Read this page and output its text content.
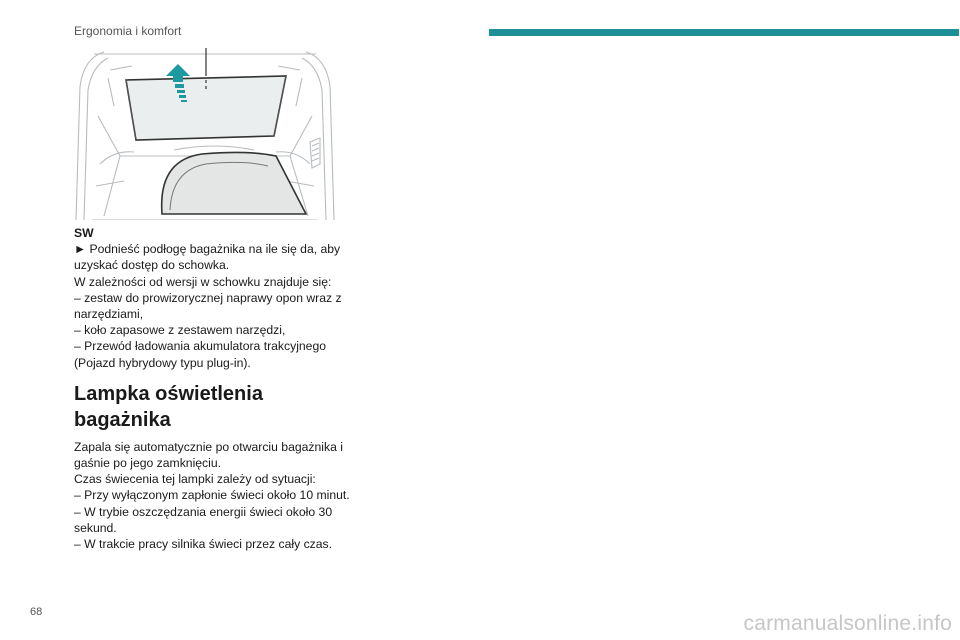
Ergonomia i komfort

SW

► Podnieść podłogę bagażnika na ile się da, aby uzyskać dostęp do schowka.

W zależności od wersji w schowku znajduje się:

– zestaw do prowizorycznej naprawy opon wraz z narzędziami,

– koło zapasowe z zestawem narzędzi,

– Przewód ładowania akumulatora trakcyjnego (Pojazd hybrydowy typu plug-in).

Lampka oświetlenia bagażnika

Zapala się automatycznie po otwarciu bagażnika i gaśnie po jego zamknięciu.

Czas świecenia tej lampki zależy od sytuacji:

– Przy wyłączonym zapłonie świeci około 10 minut.

– W trybie oszczędzania energii świeci około 30 sekund.

– W trakcie pracy silnika świeci przez cały czas.

68	carmanualsonline.info
